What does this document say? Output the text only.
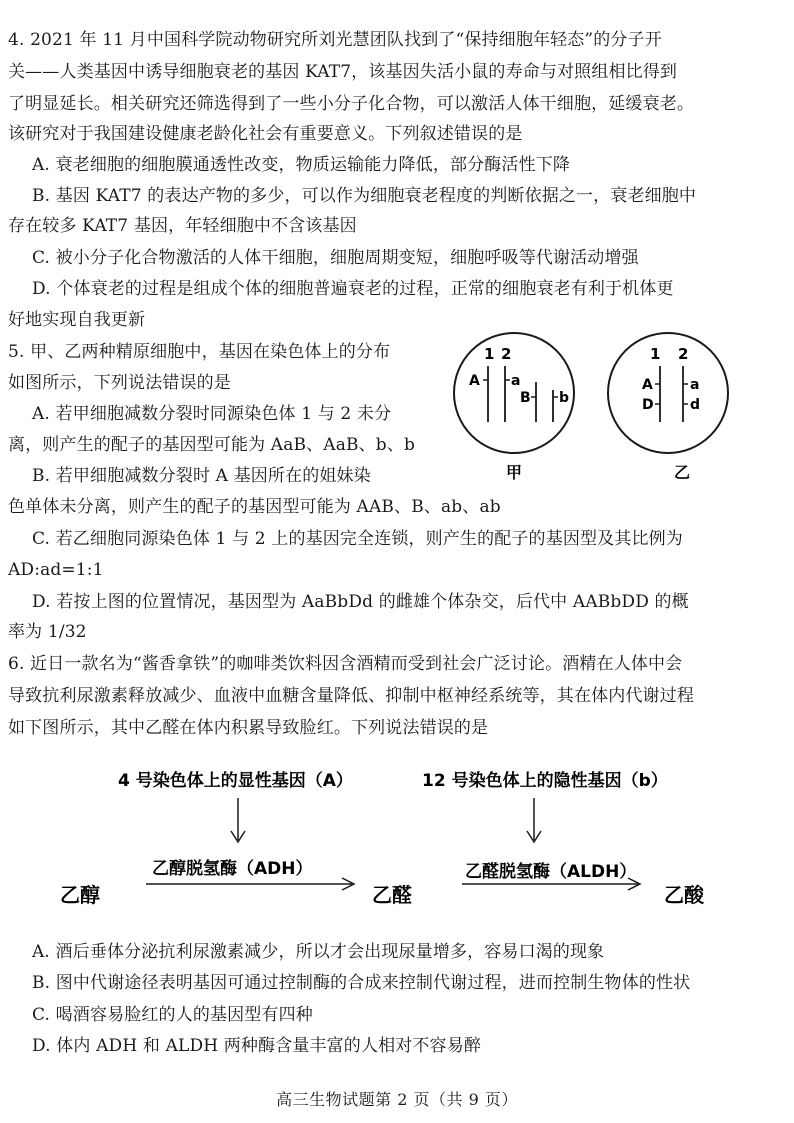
4. 2021 年 11 月中国科学院动物研究所刘光慧团队找到了“保持细胞年轻态”的分子开
关——人类基因中诱导细胞衰老的基因 KAT7，该基因失活小鼠的寿命与对照组相比得到
了明显延长。相关研究还筛选得到了一些小分子化合物，可以激活人体干细胞，延缓衰老。
该研究对于我国建设健康老龄化社会有重要意义。下列叙述错误的是
A. 衰老细胞的细胞膜通透性改变，物质运输能力降低，部分酶活性下降
B. 基因 KAT7 的表达产物的多少，可以作为细胞衰老程度的判断依据之一，衰老细胞中
存在较多 KAT7 基因，年轻细胞中不含该基因
C. 被小分子化合物激活的人体干细胞，细胞周期变短，细胞呼吸等代谢活动增强
D. 个体衰老的过程是组成个体的细胞普遍衰老的过程，正常的细胞衰老有利于机体更
好地实现自我更新
5. 甲、乙两种精原细胞中，基因在染色体上的分布
如图所示，下列说法错误的是
A. 若甲细胞减数分裂时同源染色体 1 与 2 未分
离，则产生的配子的基因型可能为 AaB、AaB、b、b
B. 若甲细胞减数分裂时 A 基因所在的姐妹染
色单体未分离，则产生的配子的基因型可能为 AAB、B、ab、ab
C. 若乙细胞同源染色体 1 与 2 上的基因完全连锁，则产生的配子的基因型及其比例为
AD:ad=1:1
D. 若按上图的位置情况，基因型为 AaBbDd 的雌雄个体杂交，后代中 AABbDD 的概
率为 1/32
1 2
A a
B b
甲
1 2
A	a
D	d
乙
6. 近日一款名为“酱香拿铁”的咖啡类饮料因含酒精而受到社会广泛讨论。酒精在人体中会
导致抗利尿激素释放减少、血液中血糖含量降低、抑制中枢神经系统等，其在体内代谢过程
如下图所示，其中乙醛在体内积累导致脸红。下列说法错误的是
4 号染色体上的显性基因（A）	12 号染色体上的隐性基因（b）
乙醇脱氢酶（ADH）	乙醛脱氢酶（ALDH）
乙醇	乙醛	乙酸
A. 酒后垂体分泌抗利尿激素减少，所以才会出现尿量增多，容易口渴的现象
B. 图中代谢途径表明基因可通过控制酶的合成来控制代谢过程，进而控制生物体的性状
C. 喝酒容易脸红的人的基因型有四种
D. 体内 ADH 和 ALDH 两种酶含量丰富的人相对不容易醉
高三生物试题第 2 页（共 9 页）
